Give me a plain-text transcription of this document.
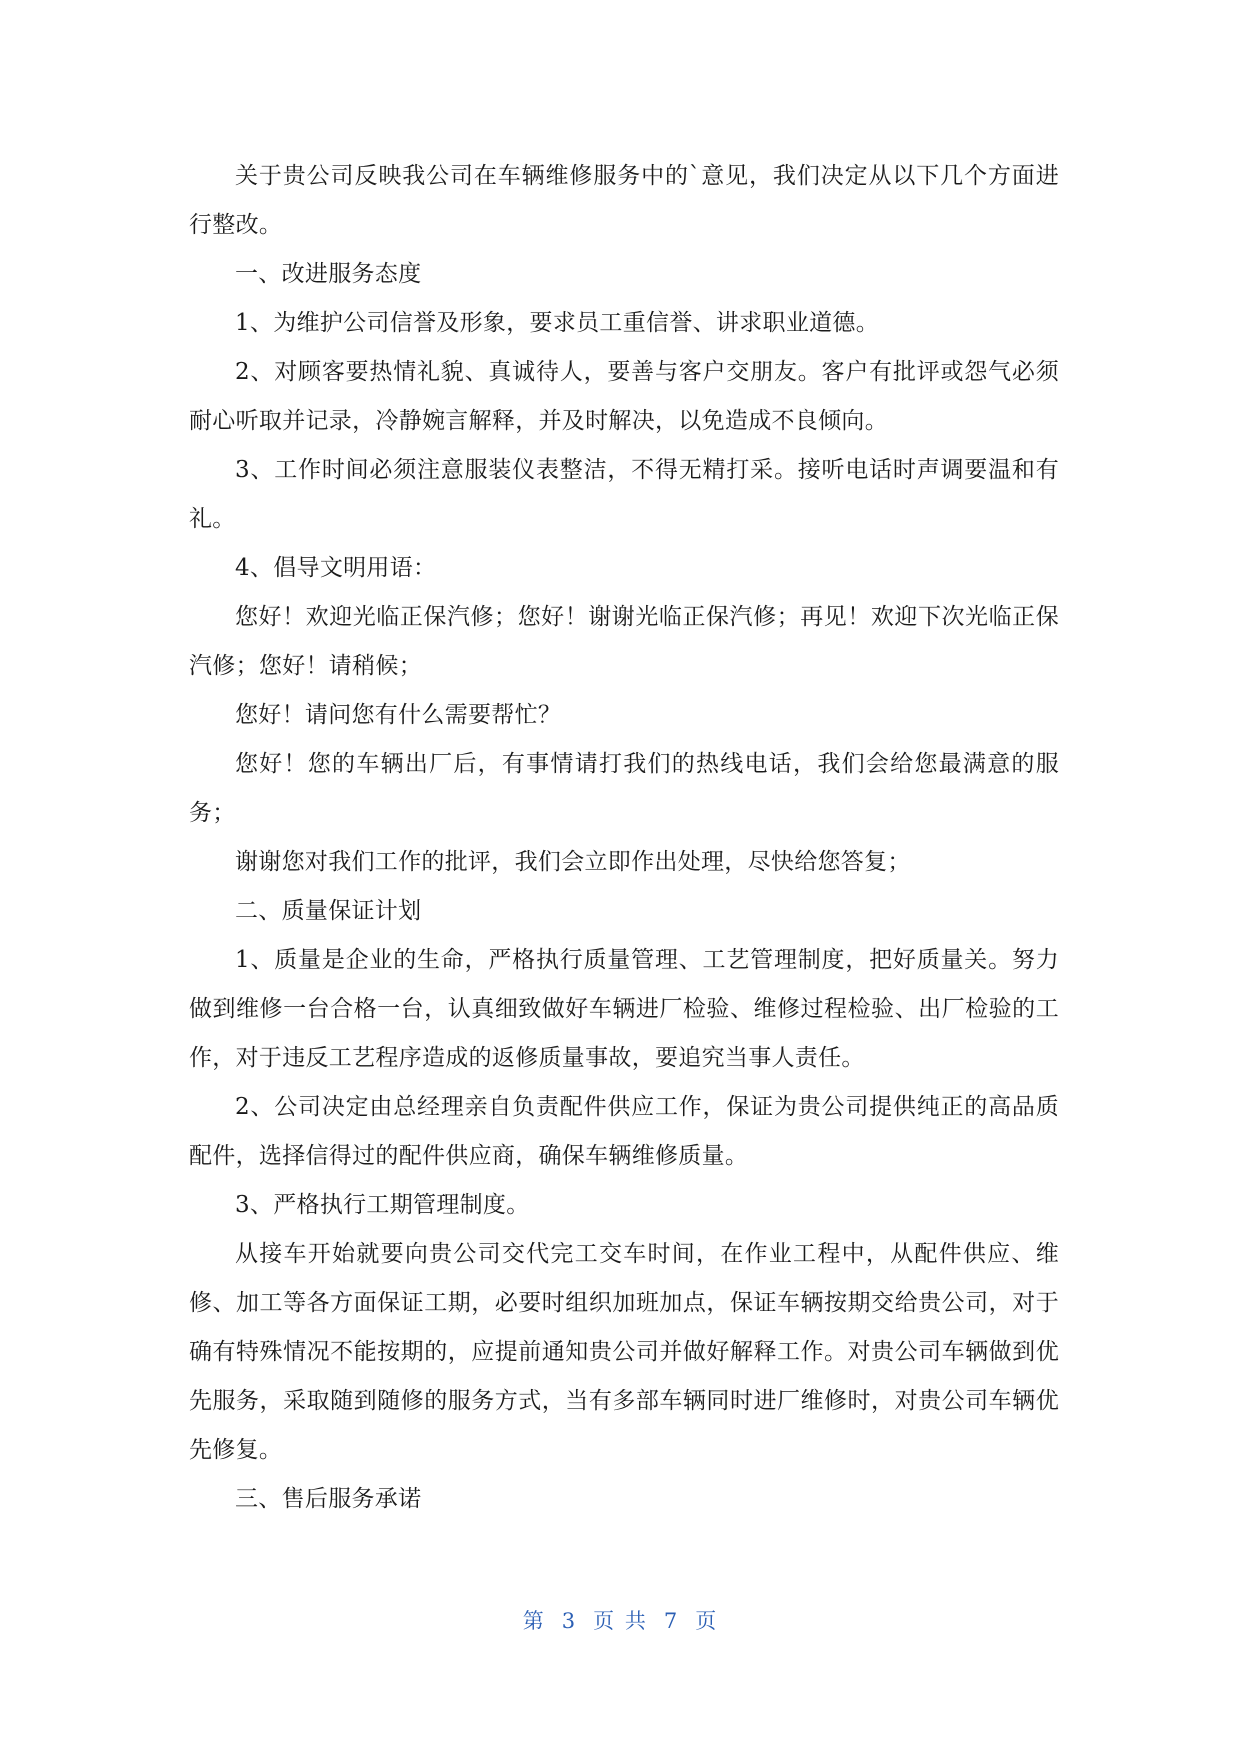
关于贵公司反映我公司在车辆维修服务中的`意见，我们决定从以下几个方面进行整改。

一、改进服务态度

1、为维护公司信誉及形象，要求员工重信誉、讲求职业道德。

2、对顾客要热情礼貌、真诚待人，要善与客户交朋友。客户有批评或怨气必须耐心听取并记录，冷静婉言解释，并及时解决，以免造成不良倾向。

3、工作时间必须注意服装仪表整洁，不得无精打采。接听电话时声调要温和有礼。

4、倡导文明用语：

您好！欢迎光临正保汽修；您好！谢谢光临正保汽修；再见！欢迎下次光临正保汽修；您好！请稍候；

您好！请问您有什么需要帮忙？

您好！您的车辆出厂后，有事情请打我们的热线电话，我们会给您最满意的服务；

谢谢您对我们工作的批评，我们会立即作出处理，尽快给您答复；

二、质量保证计划

1、质量是企业的生命，严格执行质量管理、工艺管理制度，把好质量关。努力做到维修一台合格一台，认真细致做好车辆进厂检验、维修过程检验、出厂检验的工作，对于违反工艺程序造成的返修质量事故，要追究当事人责任。

2、公司决定由总经理亲自负责配件供应工作，保证为贵公司提供纯正的高品质配件，选择信得过的配件供应商，确保车辆维修质量。

3、严格执行工期管理制度。

从接车开始就要向贵公司交代完工交车时间，在作业工程中，从配件供应、维修、加工等各方面保证工期，必要时组织加班加点，保证车辆按期交给贵公司，对于确有特殊情况不能按期的，应提前通知贵公司并做好解释工作。对贵公司车辆做到优先服务，采取随到随修的服务方式，当有多部车辆同时进厂维修时，对贵公司车辆优先修复。

三、售后服务承诺

第 3 页 共 7 页
